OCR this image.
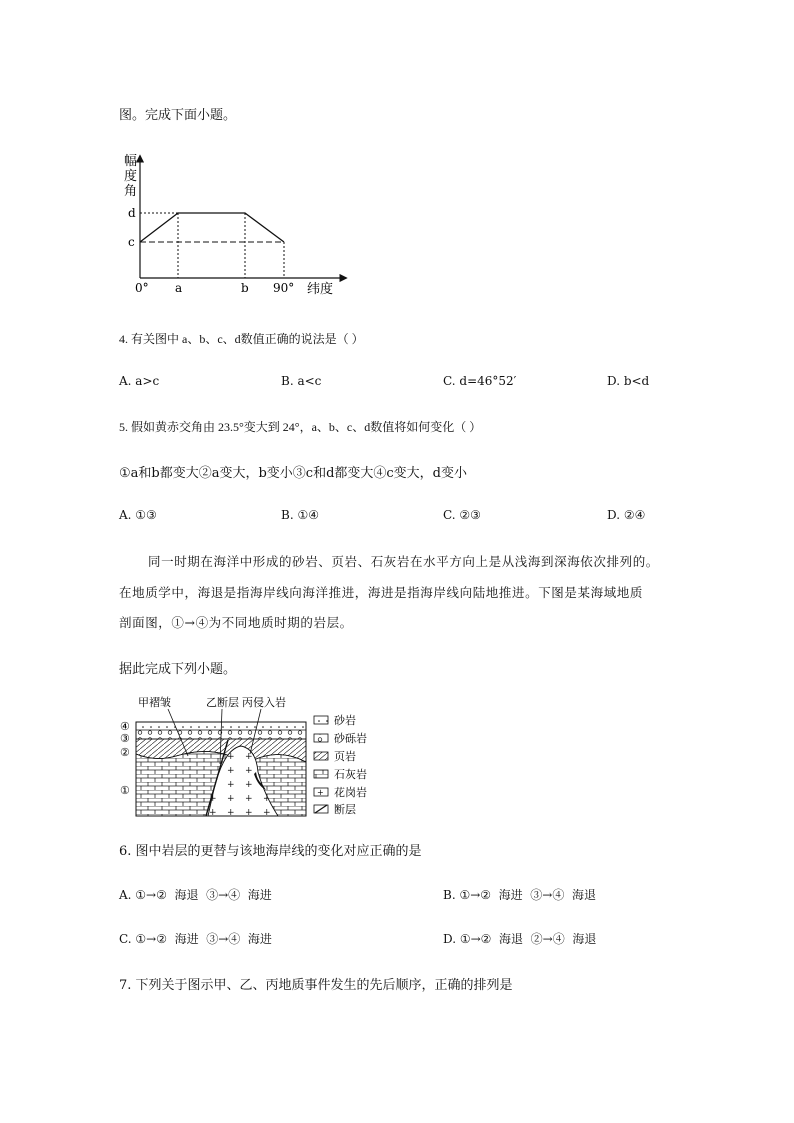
图。完成下面小题。
幅
度
角
d
c
0° a	b 90° 纬度
4. 有关图中 a、b、c、d数值正确的说法是（ ）
A. a>c	B. a<c	C. d=46°52′	D. b<d
5. 假如黄赤交角由 23.5°变大到 24°，a、b、c、d数值将如何变化（ ）
①a和b都变大②a变大，b变小③c和d都变大④c变大，d变小
A. ①③	B. ①④	C. ②③	D. ②④
同一时期在海洋中形成的砂岩、页岩、石灰岩在水平方向上是从浅海到深海依次排列的。
在地质学中，海退是指海岸线向海洋推进，海进是指海岸线向陆地推进。下图是某海域地质
剖面图，①→④为不同地质时期的岩层。
据此完成下列小题。
甲褶皱	乙断层 丙侵入岩
④
③
②
①
砂岩
砂砾岩
页岩
石灰岩
+ 花岗岩
断层
6. 图中岩层的更替与该地海岸线的变化对应正确的是
A. ①→②  海退  ③→④  海进	B. ①→②  海进  ③→④  海退
C. ①→②  海进  ③→④  海进	D. ①→②  海退  ②→④  海退
7. 下列关于图示甲、乙、丙地质事件发生的先后顺序，正确的排列是
